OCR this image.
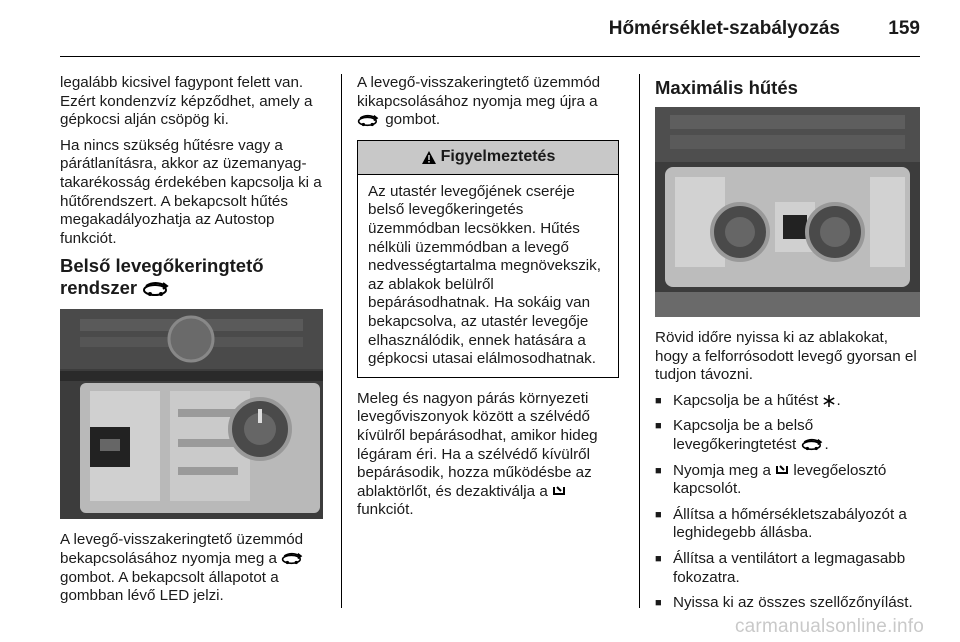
Hőmérséklet-szabályozás	159

legalább kicsivel fagypont felett van. Ezért kondenzvíz képződhet, amely a gépkocsi alján csöpög ki.

Ha nincs szükség hűtésre vagy a párátlanításra, akkor az üzemanyag-takarékosság érdekében kapcsolja ki a hűtőrendszert. A bekapcsolt hűtés megakadályozhatja az Autostop funkciót.

Belső levegőkeringtető rendszer

A levegő-visszakeringtető üzemmód bekapcsolásához nyomja meg a  gombot. A bekapcsolt állapotot a gombban lévő LED jelzi.

A levegő-visszakeringtető üzemmód kikapcsolásához nyomja meg újra a  gombot.

Figyelmeztetés
Az utastér levegőjének cseréje belső levegőkeringetés üzemmódban lecsökken. Hűtés nélküli üzemmódban a levegő nedvességtartalma megnövekszik, az ablakok belülről bepárásodhatnak. Ha sokáig van bekapcsolva, az utastér levegője elhasználódik, ennek hatására a gépkocsi utasai elálmosodhatnak.

Meleg és nagyon párás környezeti levegőviszonyok között a szélvédő kívülről bepárásodhat, amikor hideg légáram éri. Ha a szélvédő kívülről bepárásodik, hozza működésbe az ablaktörlőt, és dezaktiválja a
funkciót.

Maximális hűtés

Rövid időre nyissa ki az ablakokat, hogy a felforrósodott levegő gyorsan el tudjon távozni.

■ Kapcsolja be a hűtést .
■ Kapcsolja be a belső levegőkeringtetést .
■ Nyomja meg a levegőelosztó kapcsolót.
■ Állítsa a hőmérsékletszabályozót a leghidegebb állásba.
■ Állítsa a ventilátort a legmagasabb fokozatra.
■ Nyissa ki az összes szellőzőnyílást.
carmanualsonline.info
